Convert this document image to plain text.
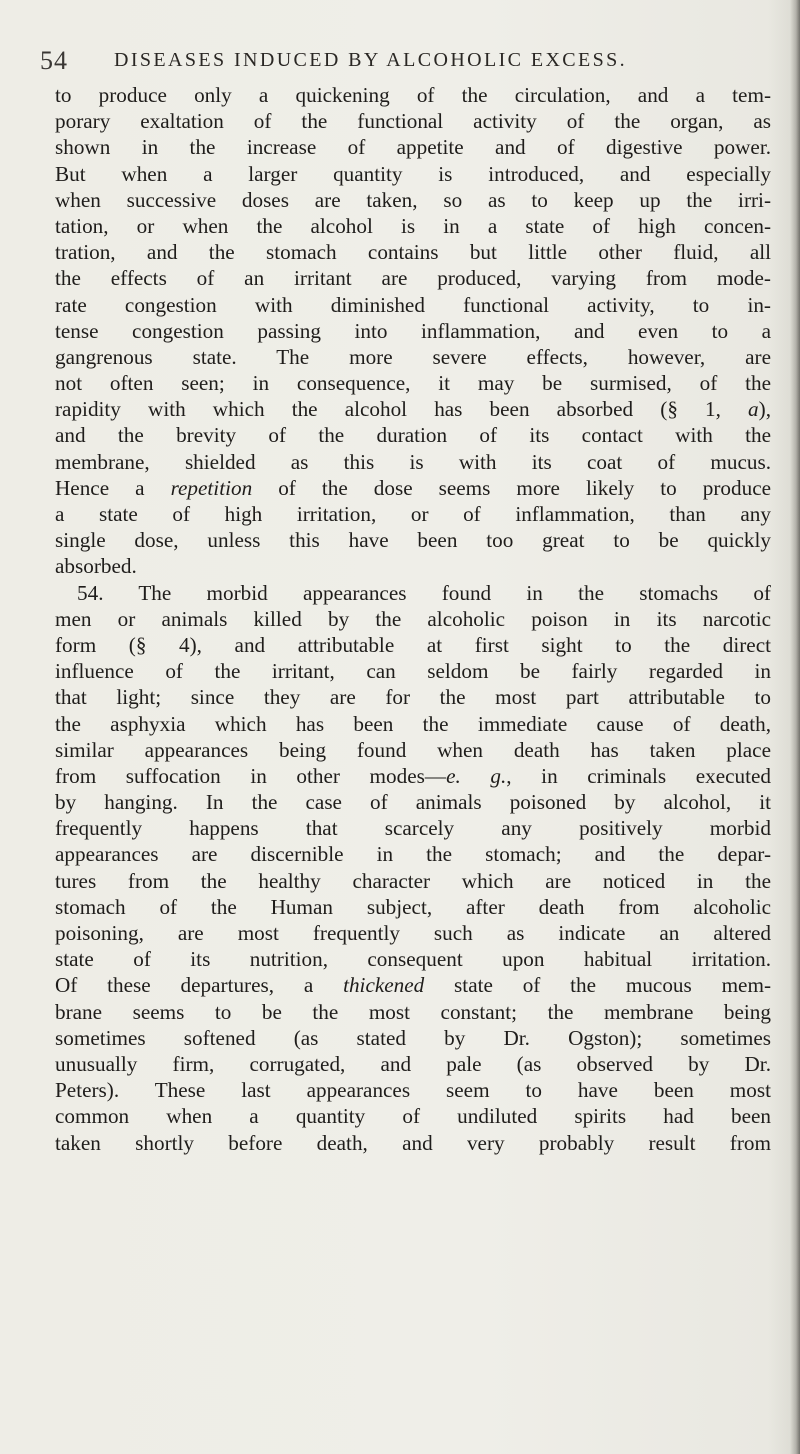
54 DISEASES INDUCED BY ALCOHOLIC EXCESS.
to produce only a quickening of the circulation, and a tem-
porary exaltation of the functional activity of the organ, as
shown in the increase of appetite and of digestive power.
But when a larger quantity is introduced, and especially
when successive doses are taken, so as to keep up the irri-
tation, or when the alcohol is in a state of high concen-
tration, and the stomach contains but little other fluid, all
the effects of an irritant are produced, varying from mode-
rate congestion with diminished functional activity, to in-
tense congestion passing into inflammation, and even to a
gangrenous state. The more severe effects, however, are
not often seen; in consequence, it may be surmised, of the
rapidity with which the alcohol has been absorbed (§ 1, a),
and the brevity of the duration of its contact with the
membrane, shielded as this is with its coat of mucus.
Hence a repetition of the dose seems more likely to produce
a state of high irritation, or of inflammation, than any
single dose, unless this have been too great to be quickly
absorbed.
54. The morbid appearances found in the stomachs of
men or animals killed by the alcoholic poison in its narcotic
form (§ 4), and attributable at first sight to the direct
influence of the irritant, can seldom be fairly regarded in
that light; since they are for the most part attributable to
the asphyxia which has been the immediate cause of death,
similar appearances being found when death has taken place
from suffocation in other modes—e. g., in criminals executed
by hanging. In the case of animals poisoned by alcohol, it
frequently happens that scarcely any positively morbid
appearances are discernible in the stomach; and the depar-
tures from the healthy character which are noticed in the
stomach of the Human subject, after death from alcoholic
poisoning, are most frequently such as indicate an altered
state of its nutrition, consequent upon habitual irritation.
Of these departures, a thickened state of the mucous mem-
brane seems to be the most constant; the membrane being
sometimes softened (as stated by Dr. Ogston); sometimes
unusually firm, corrugated, and pale (as observed by Dr.
Peters). These last appearances seem to have been most
common when a quantity of undiluted spirits had been
taken shortly before death, and very probably result from
